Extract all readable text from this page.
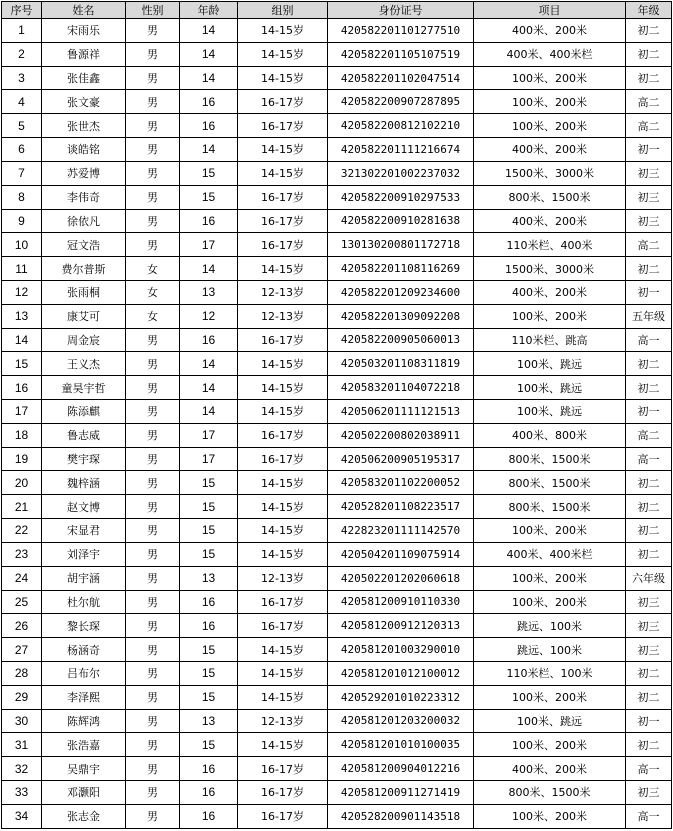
序号	姓名	性别	年龄	组别	身份证号	项目	年级
1	宋雨乐	男	14	14-15岁	420582201101277510	400米、200米	初二
2	鲁源祥	男	14	14-15岁	420582201105107519	400米、400米栏	初二
3	张佳鑫	男	14	14-15岁	420582201102047514	100米、200米	初二
4	张文豪	男	16	16-17岁	420582200907287895	100米、200米	高二
5	张世杰	男	16	16-17岁	420582200812102210	100米、200米	高二
6	谈皓铭	男	14	14-15岁	420582201111216674	400米、200米	初一
7	苏爱博	男	15	14-15岁	321302201002237032	1500米、3000米	初三
8	李伟奇	男	15	16-17岁	420582200910297533	800米、1500米	初三
9	徐依凡	男	16	16-17岁	420582200910281638	400米、200米	初三
10	冠文浩	男	17	16-17岁	130130200801172718	110米栏、400米	高二
11	费尔普斯	女	14	14-15岁	420582201108116269	1500米、3000米	初二
12	张雨桐	女	13	12-13岁	420582201209234600	400米、200米	初一
13	康艾可	女	12	12-13岁	420582201309092208	100米、200米	五年级
14	周金宸	男	16	16-17岁	420582200905060013	110米栏、跳高	高一
15	王义杰	男	14	14-15岁	420503201108311819	100米、跳远	初二
16	童昊宇哲	男	14	14-15岁	420583201104072218	100米、跳远	初二
17	陈添麒	男	14	14-15岁	420506201111121513	100米、跳远	初一
18	鲁志威	男	17	16-17岁	420502200802038911	400米、800米	高二
19	樊宇琛	男	17	16-17岁	420506200905195317	800米、1500米	高一
20	魏梓涵	男	15	14-15岁	420583201102200052	800米、1500米	初二
21	赵文博	男	15	14-15岁	420528201108223517	800米、1500米	初二
22	宋显君	男	15	14-15岁	422823201111142570	100米、200米	初二
23	刘泽宇	男	15	14-15岁	420504201109075914	400米、400米栏	初二
24	胡宇涵	男	13	12-13岁	420502201202060618	100米、200米	六年级
25	杜尔航	男	16	16-17岁	420581200910110330	100米、200米	初三
26	黎长琛	男	16	16-17岁	420581200912120313	跳远、100米	初三
27	杨涵奇	男	15	14-15岁	420581201003290010	跳远、100米	初三
28	吕布尔	男	15	14-15岁	420581201012100012	110米栏、100米	初二
29	李泽熙	男	15	14-15岁	420529201010223312	100米、200米	初二
30	陈辉鸿	男	13	12-13岁	420581201203200032	100米、跳远	初一
31	张浩嘉	男	15	14-15岁	420581201010100035	100米、200米	初二
32	吴鼎宇	男	16	16-17岁	420581200904012216	400米、200米	高一
33	邓灏阳	男	16	16-17岁	420581200911271419	800米、1500米	初三
34	张志金	男	16	16-17岁	420528200901143518	100米、200米	高一
